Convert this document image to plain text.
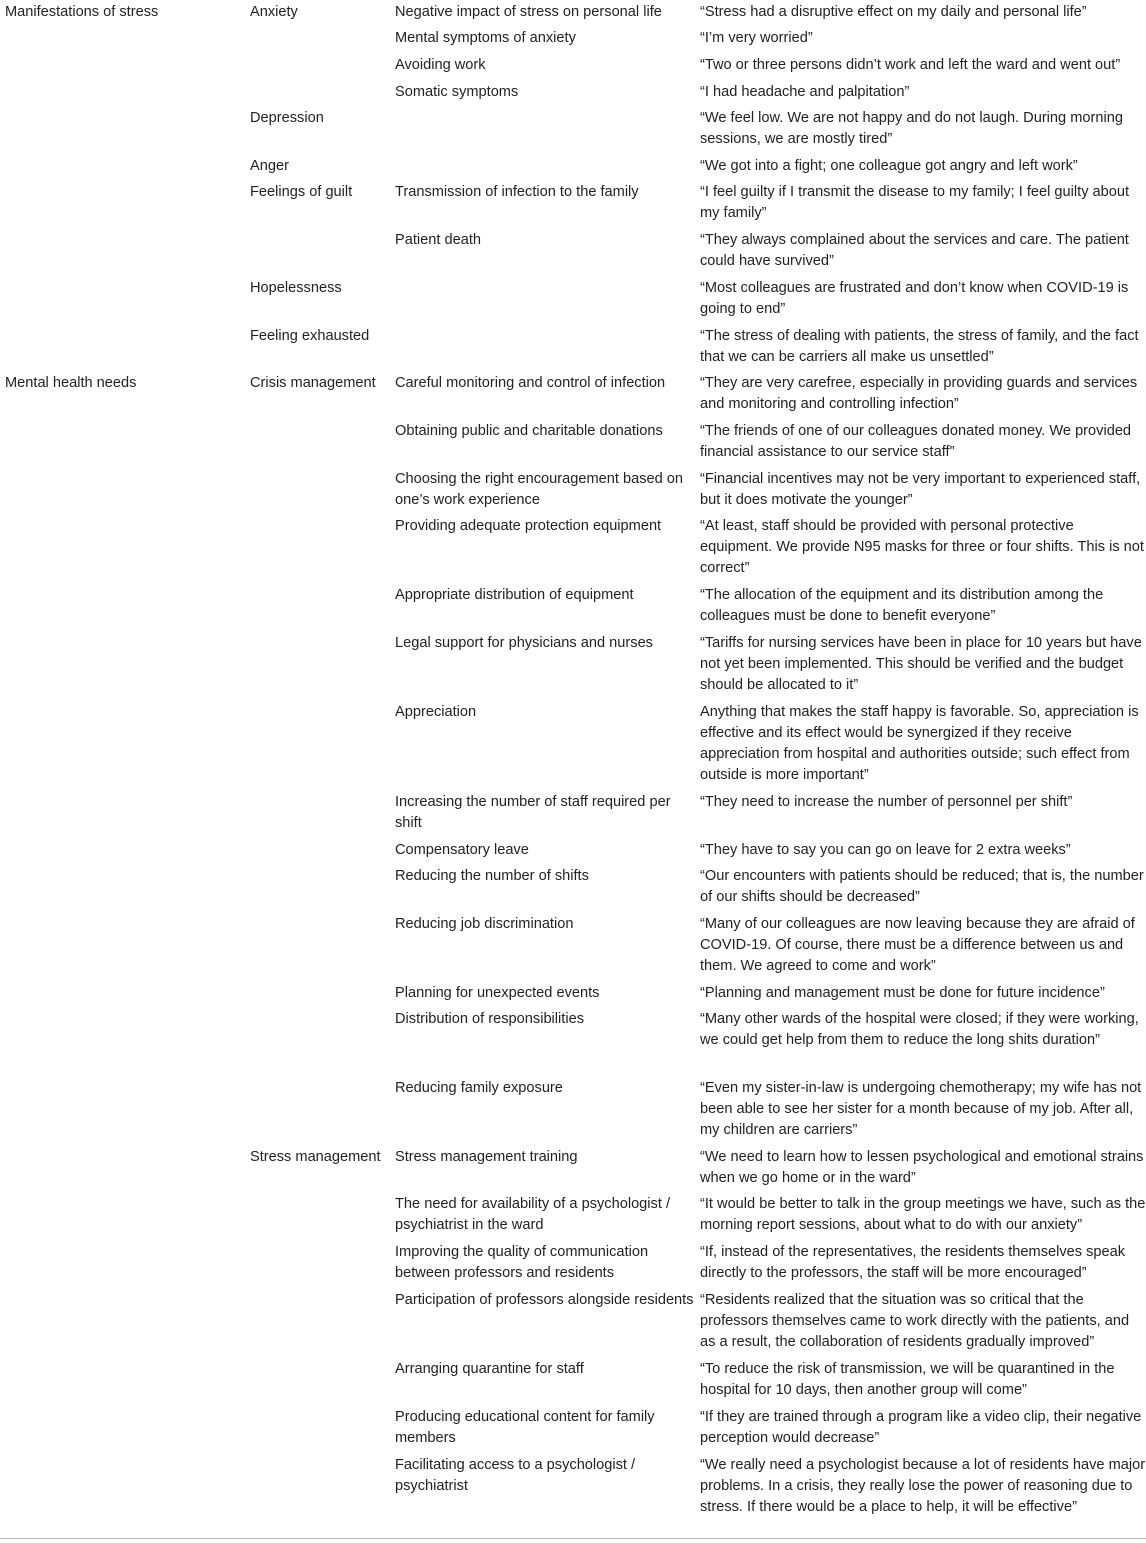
Manifestations of stress	Anxiety	Negative impact of stress on personal life	“Stress had a disruptive effect on my daily and personal life”

		Mental symptoms of anxiety	“I’m very worried”

		Avoiding work	“Two or three persons didn’t work and left the ward and went out”

		Somatic symptoms	“I had headache and palpitation”

	Depression		“We feel low. We are not happy and do not laugh. During morning sessions, we are mostly tired”

	Anger		“We got into a fight; one colleague got angry and left work”

	Feelings of guilt	Transmission of infection to the family	“I feel guilty if I transmit the disease to my family; I feel guilty about my family”

		Patient death	“They always complained about the services and care. The patient could have survived”

	Hopelessness		“Most colleagues are frustrated and don’t know when COVID-19 is going to end”

	Feeling exhausted		“The stress of dealing with patients, the stress of family, and the fact that we can be carriers all make us unsettled”

Mental health needs	Crisis management	Careful monitoring and control of infection	“They are very carefree, especially in providing guards and services and monitoring and controlling infection”

		Obtaining public and charitable donations	“The friends of one of our colleagues donated money. We provided financial assistance to our service staff”

		Choosing the right encouragement based on one’s work experience	“Financial incentives may not be very important to experienced staff, but it does motivate the younger”

		Providing adequate protection equipment	“At least, staff should be provided with personal protective equipment. We provide N95 masks for three or four shifts. This is not correct”

		Appropriate distribution of equipment	“The allocation of the equipment and its distribution among the colleagues must be done to benefit everyone”

		Legal support for physicians and nurses	“Tariffs for nursing services have been in place for 10 years but have not yet been implemented. This should be verified and the budget should be allocated to it”

		Appreciation	Anything that makes the staff happy is favorable. So, appreciation is effective and its effect would be synergized if they receive appreciation from hospital and authorities outside; such effect from outside is more important”

		Increasing the number of staff required per shift	“They need to increase the number of personnel per shift”

		Compensatory leave	“They have to say you can go on leave for 2 extra weeks”

		Reducing the number of shifts	“Our encounters with patients should be reduced; that is, the number of our shifts should be decreased”

		Reducing job discrimination	“Many of our colleagues are now leaving because they are afraid of COVID-19. Of course, there must be a difference between us and them. We agreed to come and work”

		Planning for unexpected events	“Planning and management must be done for future incidence”

		Distribution of responsibilities	“Many other wards of the hospital were closed; if they were working, we could get help from them to reduce the long shits duration”

		Reducing family exposure	“Even my sister-in-law is undergoing chemotherapy; my wife has not been able to see her sister for a month because of my job. After all, my children are carriers”

	Stress management	Stress management training	“We need to learn how to lessen psychological and emotional strains when we go home or in the ward”

		The need for availability of a psychologist / psychiatrist in the ward	“It would be better to talk in the group meetings we have, such as the morning report sessions, about what to do with our anxiety”

		Improving the quality of communication between professors and residents	“If, instead of the representatives, the residents themselves speak directly to the professors, the staff will be more encouraged”

		Participation of professors alongside residents	“Residents realized that the situation was so critical that the professors themselves came to work directly with the patients, and as a result, the collaboration of residents gradually improved”

		Arranging quarantine for staff	“To reduce the risk of transmission, we will be quarantined in the hospital for 10 days, then another group will come”

		Producing educational content for family members	“If they are trained through a program like a video clip, their negative perception would decrease”

		Facilitating access to a psychologist / psychiatrist	“We really need a psychologist because a lot of residents have major problems. In a crisis, they really lose the power of reasoning due to stress. If there would be a place to help, it will be effective”
